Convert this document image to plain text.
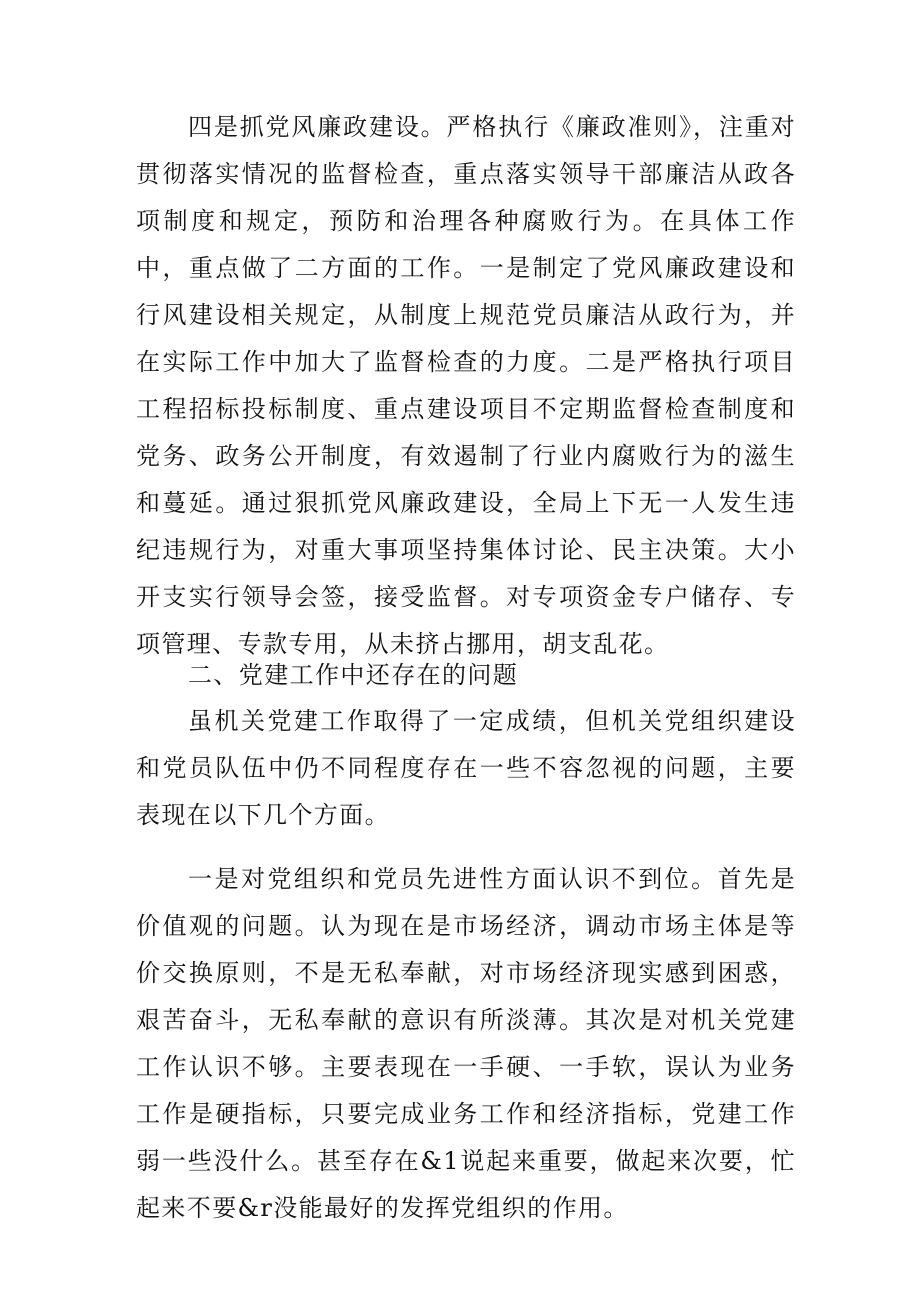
四是抓党风廉政建设。严格执行《廉政准则》，注重对贯彻落实情况的监督检查，重点落实领导干部廉洁从政各项制度和规定，预防和治理各种腐败行为。在具体工作中，重点做了二方面的工作。一是制定了党风廉政建设和行风建设相关规定，从制度上规范党员廉洁从政行为，并在实际工作中加大了监督检查的力度。二是严格执行项目工程招标投标制度、重点建设项目不定期监督检查制度和党务、政务公开制度，有效遏制了行业内腐败行为的滋生和蔓延。通过狠抓党风廉政建设，全局上下无一人发生违纪违规行为，对重大事项坚持集体讨论、民主决策。大小开支实行领导会签，接受监督。对专项资金专户储存、专项管理、专款专用，从未挤占挪用，胡支乱花。

二、党建工作中还存在的问题

虽机关党建工作取得了一定成绩，但机关党组织建设和党员队伍中仍不同程度存在一些不容忽视的问题，主要表现在以下几个方面。

一是对党组织和党员先进性方面认识不到位。首先是价值观的问题。认为现在是市场经济，调动市场主体是等价交换原则，不是无私奉献，对市场经济现实感到困惑，艰苦奋斗，无私奉献的意识有所淡薄。其次是对机关党建工作认识不够。主要表现在一手硬、一手软，误认为业务工作是硬指标，只要完成业务工作和经济指标，党建工作弱一些没什么。甚至存在&1说起来重要，做起来次要，忙起来不要&r没能最好的发挥党组织的作用。
